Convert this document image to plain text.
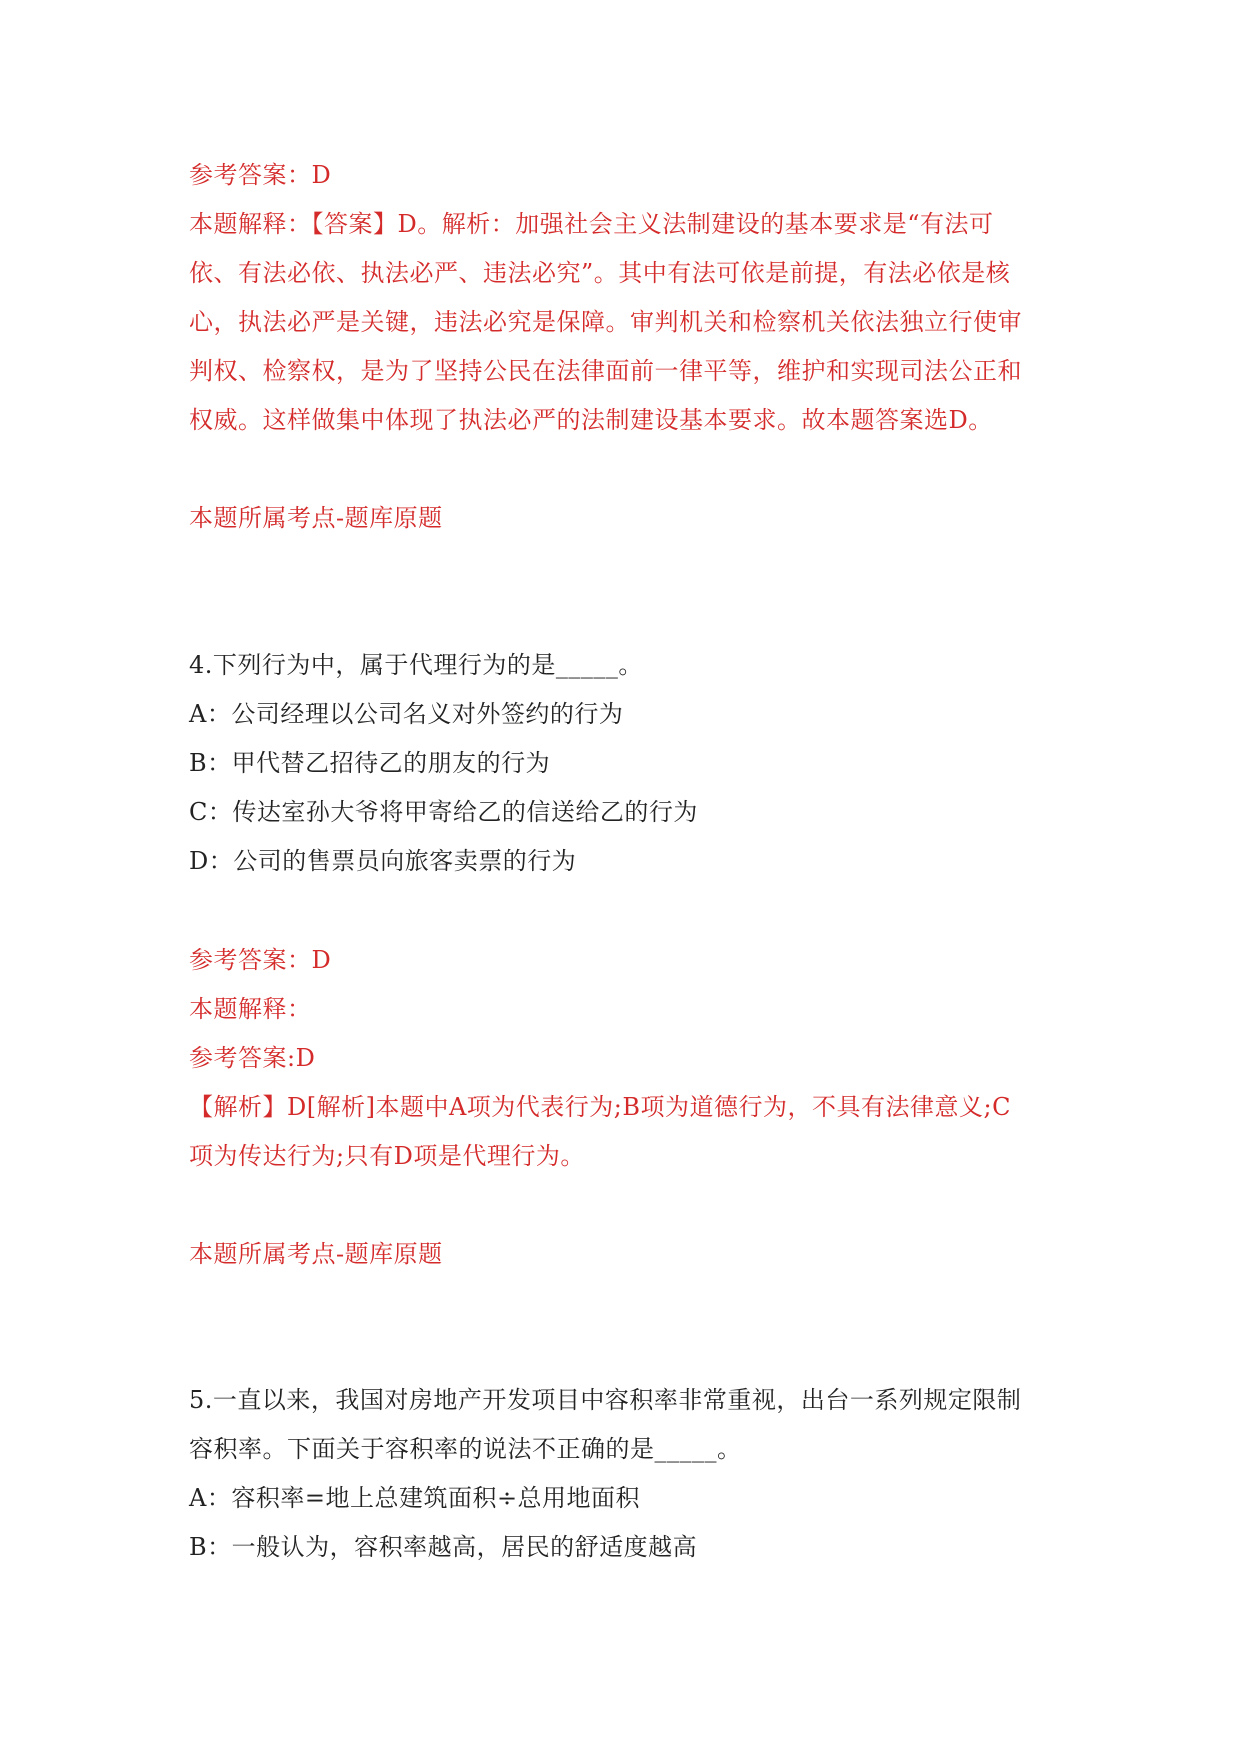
参考答案：D
本题解释：【答案】D。解析：加强社会主义法制建设的基本要求是“有法可
依、有法必依、执法必严、违法必究”。其中有法可依是前提，有法必依是核
心，执法必严是关键，违法必究是保障。审判机关和检察机关依法独立行使审
判权、检察权，是为了坚持公民在法律面前一律平等，维护和实现司法公正和
权威。这样做集中体现了执法必严的法制建设基本要求。故本题答案选D。
本题所属考点-题库原题
4.下列行为中，属于代理行为的是_____。
A：公司经理以公司名义对外签约的行为
B：甲代替乙招待乙的朋友的行为
C：传达室孙大爷将甲寄给乙的信送给乙的行为
D：公司的售票员向旅客卖票的行为
参考答案：D
本题解释：
参考答案:D
【解析】D[解析]本题中A项为代表行为;B项为道德行为，不具有法律意义;C
项为传达行为;只有D项是代理行为。
本题所属考点-题库原题
5.一直以来，我国对房地产开发项目中容积率非常重视，出台一系列规定限制
容积率。下面关于容积率的说法不正确的是_____。
A：容积率=地上总建筑面积÷总用地面积
B：一般认为，容积率越高，居民的舒适度越高
